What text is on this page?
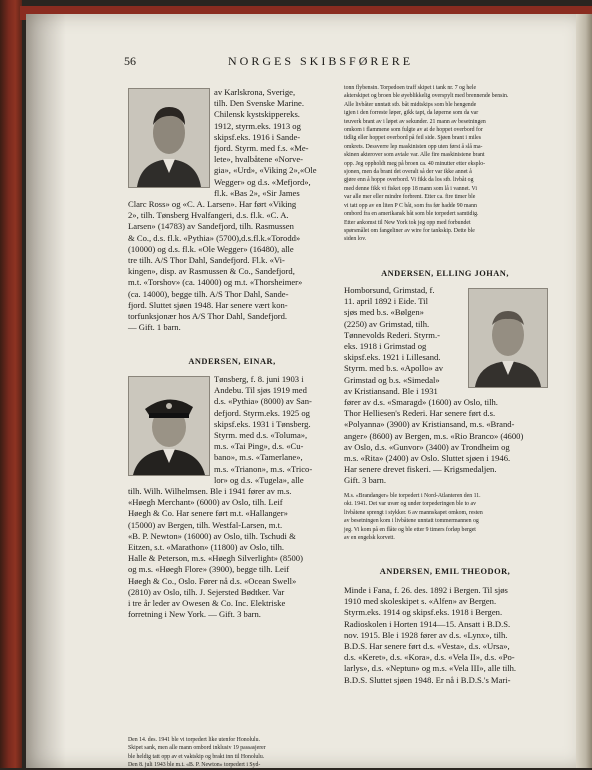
56	NORGES SKIBSFØRERE

av Karlskrona, Sverige,

tilh. Den Svenske Marine.

Chilensk kystskippereks.

1912, styrm.eks. 1913 og

skipsf.eks. 1916 i Sande-

fjord. Styrm. med f.s. «Me-

lete», hvalbåtene «Norve-

gia», «Urd», «Viking 2»,«Ole

Wegger» og d.s. «Mefjord»,

fl.k. «Bas 2», «Sir James

Clarc Ross» og «C. A. Larsen». Har ført «Viking

2», tilh. Tønsberg Hvalfangeri, d.s. fl.k. «C. A.

Larsen» (14783) av Sandefjord, tilh. Rasmussen

& Co., d.s. fl.k. «Pythia» (5700),d.s.fl.k.«Torodd»

(10000) og d.s. fl.k. «Ole Wegger» (16480), alle

tre tilh. A/S Thor Dahl, Sandefjord. Fl.k. «Vi-

kingen», disp. av Rasmussen & Co., Sandefjord,

m.t. «Torshov» (ca. 14000) og m.t. «Thorsheimer»

(ca. 14000), begge tilh. A/S Thor Dahl, Sande-

fjord. Sluttet sjøen 1948. Har senere vært kon-

torfunksjonær hos A/S Thor Dahl, Sandefjord.

— Gift. 1 barn.

ANDERSEN, EINAR,

Tønsberg, f. 8. juni 1903 i

Andebu. Til sjøs 1919 med

d.s. «Pythia» (8000) av San-

defjord. Styrm.eks. 1925 og

skipsf.eks. 1931 i Tønsberg.

Styrm. med d.s. «Toluma»,

m.s. «Tai Ping», d.s. «Cu-

bano», m.s. «Tamerlane»,

m.s. «Trianon», m.s. «Trico-

lor» og d.s. «Tugela», alle

tilh. Wilh. Wilhelmsen. Ble i 1941 fører av m.s.

«Høegh Merchant» (6000) av Oslo, tilh. Leif

Høegh & Co. Har senere ført m.t. «Hallanger»

(15000) av Bergen, tilh. Westfal-Larsen, m.t.

«B. P. Newton» (16000) av Oslo, tilh. Tschudi &

Eitzen, s.t. «Marathon» (11800) av Oslo, tilh.

Halle & Peterson, m.s. «Høegh Silverlight» (8500)

og m.s. «Høegh Flore» (3900), begge tilh. Leif

Høegh & Co., Oslo. Fører nå d.s. «Ocean Swell»

(2810) av Oslo, tilh. J. Sejersted Bødtker. Var

i tre år leder av Owesen & Co. Inc. Elektriske

forretning i New York. — Gift. 3 barn.

Den 14. des. 1941 ble vi torpedert like utenfor Honolulu.

Skipet sank, men alle mann ombord inklusiv 19 passasjerer

ble heldig tatt opp av et vaktskip og brakt inn til Honolulu.

Den 8. juli 1943 ble m.t. «B. P. Newton» torpedert i Syd-

tonn flybensin. Torpedoen traff skipet i tank nr. 7 og hele

akterskipet og broen ble øyeblikkelig overspylt med brennende bensin.

Alle livbåter unntatt stb. båt midtskips som ble hengende

igjen i den forreste løper, gikk tapt, da løperne som da var

teuverk brant av i løpet av sekunder. 21 mann av besetningen

omkom i flammene som fulgte av at de hoppet overbord for

tidlig eller hoppet overbord på feil side. Sjøen brant i miles

omkrets. Dessverre lep maskinisten opp uten først å slå ma-

skinen akterover som avtale var. Alle fire maskinistene brant

opp. Jeg oppholdt meg på broen ca. 40 minutter etter eksplo-

sjonen, men da brant det overalt så der var ikke annet å

gjøre enn å hoppe overbord. Vi fikk da los stb. livbåt og

med denne fikk vi fisket opp 18 mann som lå i vannet. Vi

var alle mer eller mindre forbrent. Etter ca. fire timer ble

vi tatt opp av en liten P C båt, som fra før hadde 90 mann

ombord fra en amerikansk båt som ble torpedert samtidig.

Etter ankomst til New York tok jeg opp med forbundet

spørsmålet om fangeliner av wire for tankskip. Dette ble

siden lov.

ANDERSEN, ELLING JOHAN,

Homborsund, Grimstad, f.

11. april 1892 i Eide. Til

sjøs med b.s. «Bølgen»

(2250) av Grimstad, tilh.

Tønnevolds Rederi. Styrm.-

eks. 1918 i Grimstad og

skipsf.eks. 1921 i Lillesand.

Styrm. med b.s. «Apollo» av

Grimstad og b.s. «Simedal»

av Kristiansand. Ble i 1931

fører av d.s. «Smaragd» (1600) av Oslo, tilh.

Thor Helliesen's Rederi. Har senere ført d.s.

«Polyanna» (3900) av Kristiansand, m.s. «Brand-

anger» (8600) av Bergen, m.s. «Rio Branco» (4600)

av Oslo, d.s. «Gunvor» (3400) av Trondheim og

m.s. «Rita» (2400) av Oslo. Sluttet sjøen i 1946.

Har senere drevet fiskeri. — Krigsmedaljen.

Gift. 3 barn.

M.s. «Brandanger» ble torpedert i Nord-Atlanteren den 11.

okt. 1941. Det var uvær og under torpederingen ble to av

livbåtene sprengt i stykker. 6 av mannskapet omkom, resten

av besetningen kom i livbåtene unntatt tommermannen og

jeg. Vi kom på en flåte og ble etter 9 timers forløp berget

av en engelsk korvett.

ANDERSEN, EMIL THEODOR,

Minde i Fana, f. 26. des. 1892 i Bergen. Til sjøs

1910 med skoleskipet s. «Alfen» av Bergen.

Styrm.eks. 1914 og skipsf.eks. 1918 i Bergen.

Radioskolen i Horten 1914—15. Ansatt i B.D.S.

nov. 1915. Ble i 1928 fører av d.s. «Lynx», tilh.

B.D.S. Har senere ført d.s. «Vesta», d.s. «Ursa»,

d.s. «Keret», d.s. «Kora», d.s. «Vela II», d.s. «Po-

larlys», d.s. «Neptun» og m.s. «Vela III», alle tilh.

B.D.S. Sluttet sjøen 1948. Er nå i B.D.S.'s Mari-
